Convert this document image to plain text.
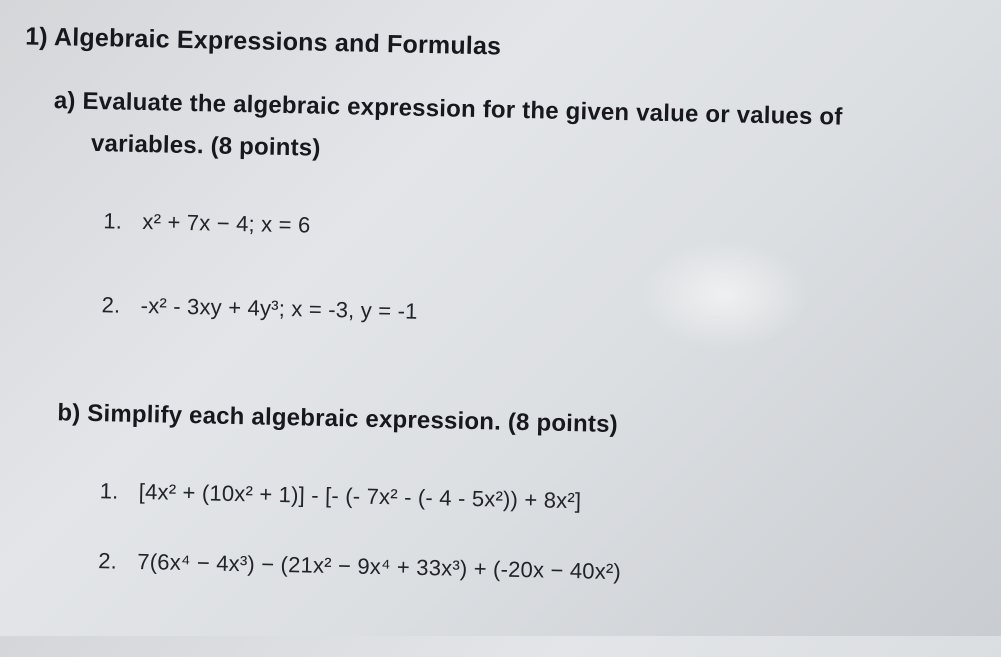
1) Algebraic Expressions and Formulas
a) Evaluate the algebraic expression for the given value or values of
variables. (8 points)
1. x² + 7x − 4; x = 6
2. -x² - 3xy + 4y³; x = -3, y = -1
b) Simplify each algebraic expression. (8 points)
1. [4x² + (10x² + 1)] - [- (- 7x² - (- 4 - 5x²)) + 8x²]
2. 7(6x⁴ − 4x³) − (21x² − 9x⁴ + 33x³) + (-20x − 40x²)
